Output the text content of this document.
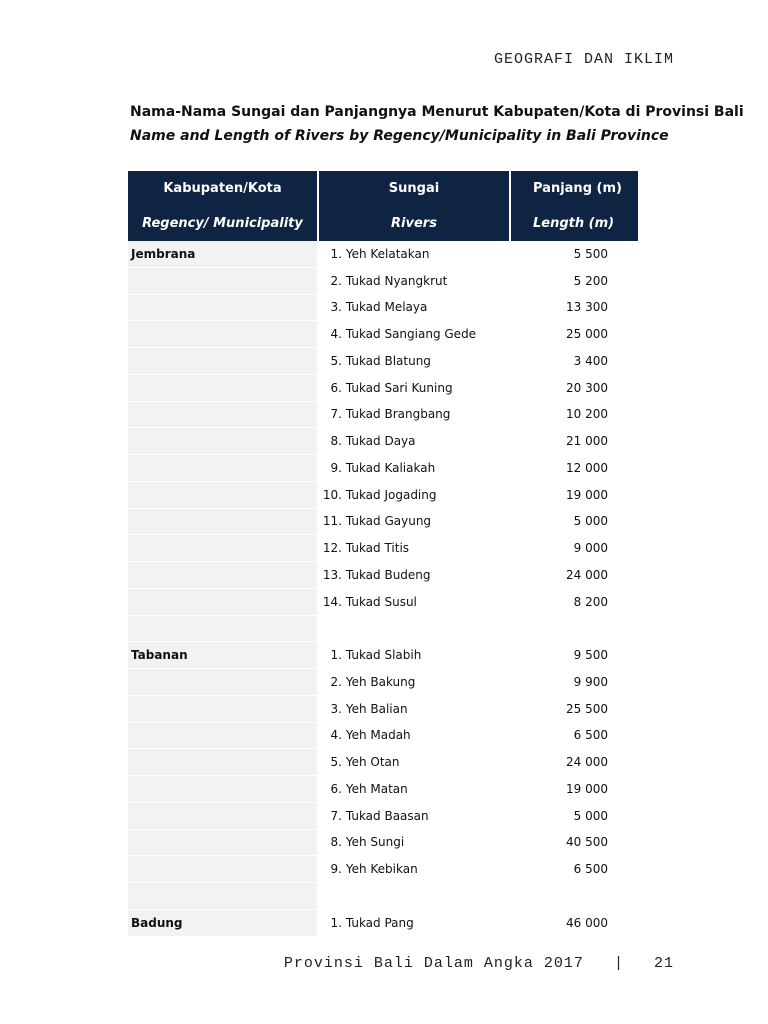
GEOGRAFI DAN IKLIM
Nama-Nama Sungai dan Panjangnya Menurut Kabupaten/Kota di Provinsi Bali
Name and Length of Rivers by Regency/Municipality in Bali Province
Kabupaten/Kota	Sungai	Panjang (m)
Regency/ Municipality	Rivers	Length (m)
Jembrana	1. Yeh Kelatakan	5 500
	2. Tukad Nyangkrut	5 200
	3. Tukad Melaya	13 300
	4. Tukad Sangiang Gede	25 000
	5. Tukad Blatung	3 400
	6. Tukad Sari Kuning	20 300
	7. Tukad Brangbang	10 200
	8. Tukad Daya	21 000
	9. Tukad Kaliakah	12 000
	10. Tukad Jogading	19 000
	11. Tukad Gayung	5 000
	12. Tukad Titis	9 000
	13. Tukad Budeng	24 000
	14. Tukad Susul	8 200

Tabanan	1. Tukad Slabih	9 500
	2. Yeh Bakung	9 900
	3. Yeh Balian	25 500
	4. Yeh Madah	6 500
	5. Yeh Otan	24 000
	6. Yeh Matan	19 000
	7. Tukad Baasan	5 000
	8. Yeh Sungi	40 500
	9. Yeh Kebikan	6 500

Badung	1. Tukad Pang	46 000
Provinsi Bali Dalam Angka 2017 | 21
